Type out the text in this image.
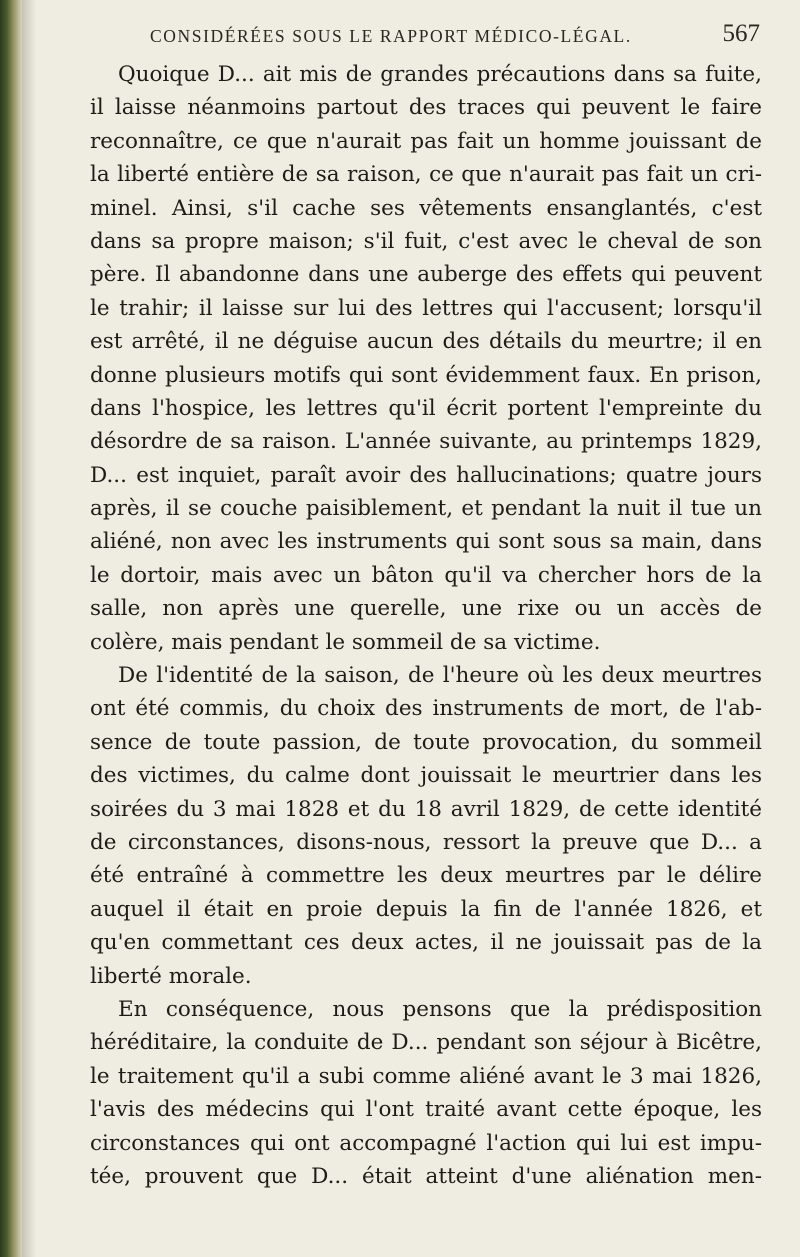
CONSIDÉRÉES SOUS LE RAPPORT MÉDICO-LÉGAL.	567
Quoique D... ait mis de grandes précautions dans sa fuite,
il laisse néanmoins partout des traces qui peuvent le faire
reconnaître, ce que n'aurait pas fait un homme jouissant de
la liberté entière de sa raison, ce que n'aurait pas fait un cri-
minel. Ainsi, s'il cache ses vêtements ensanglantés, c'est
dans sa propre maison; s'il fuit, c'est avec le cheval de son
père. Il abandonne dans une auberge des effets qui peuvent
le trahir; il laisse sur lui des lettres qui l'accusent; lorsqu'il
est arrêté, il ne déguise aucun des détails du meurtre; il en
donne plusieurs motifs qui sont évidemment faux. En prison,
dans l'hospice, les lettres qu'il écrit portent l'empreinte du
désordre de sa raison. L'année suivante, au printemps 1829,
D... est inquiet, paraît avoir des hallucinations; quatre jours
après, il se couche paisiblement, et pendant la nuit il tue un
aliéné, non avec les instruments qui sont sous sa main, dans
le dortoir, mais avec un bâton qu'il va chercher hors de la
salle, non après une querelle, une rixe ou un accès de
colère, mais pendant le sommeil de sa victime.
De l'identité de la saison, de l'heure où les deux meurtres
ont été commis, du choix des instruments de mort, de l'ab-
sence de toute passion, de toute provocation, du sommeil
des victimes, du calme dont jouissait le meurtrier dans les
soirées du 3 mai 1828 et du 18 avril 1829, de cette identité
de circonstances, disons-nous, ressort la preuve que D... a
été entraîné à commettre les deux meurtres par le délire
auquel il était en proie depuis la fin de l'année 1826, et
qu'en commettant ces deux actes, il ne jouissait pas de la
liberté morale.
En conséquence, nous pensons que la prédisposition
héréditaire, la conduite de D... pendant son séjour à Bicêtre,
le traitement qu'il a subi comme aliéné avant le 3 mai 1826,
l'avis des médecins qui l'ont traité avant cette époque, les
circonstances qui ont accompagné l'action qui lui est impu-
tée, prouvent que D... était atteint d'une aliénation men-
